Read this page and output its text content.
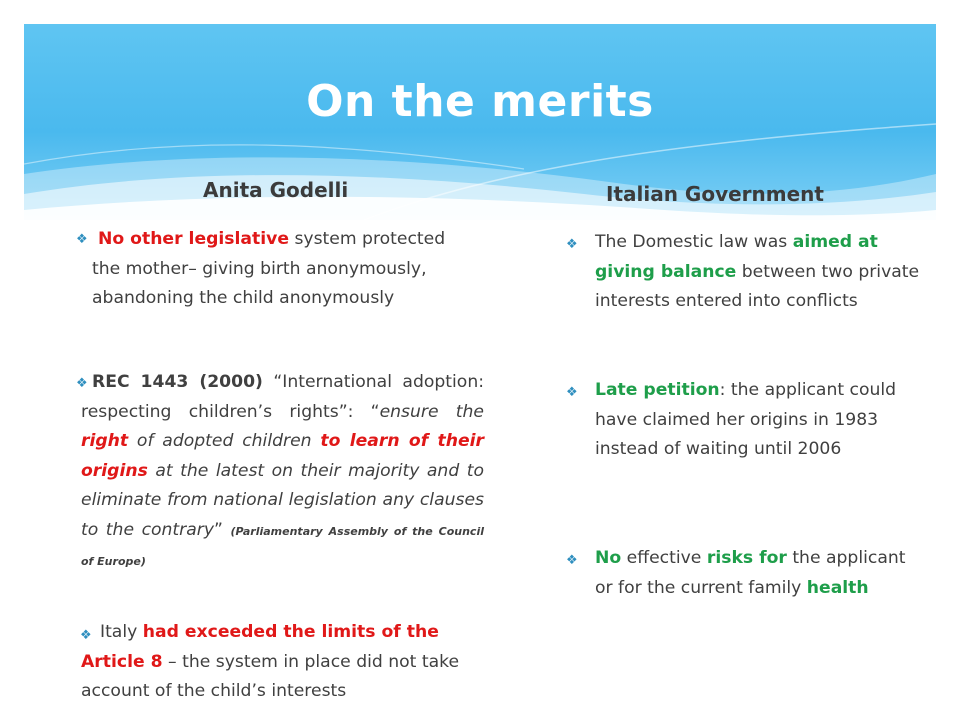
On the merits
Anita Godelli
❖ No other legislative system protected the mother– giving birth anonymously, abandoning the child anonymously
❖ REC 1443 (2000) “International adoption: respecting children’s rights”: “ensure the right of adopted children to learn of their origins at the latest on their majority and to eliminate from national legislation any clauses to the contrary” (Parliamentary Assembly of the Council of Europe)
❖ Italy had exceeded the limits of the Article 8 – the system in place did not take account of the child’s interests
Italian Government
❖ The Domestic law was aimed at giving balance between two private interests entered into conflicts
❖ Late petition: the applicant could have claimed her origins in 1983 instead of waiting until 2006
❖ No effective risks for the applicant or for the current family health
